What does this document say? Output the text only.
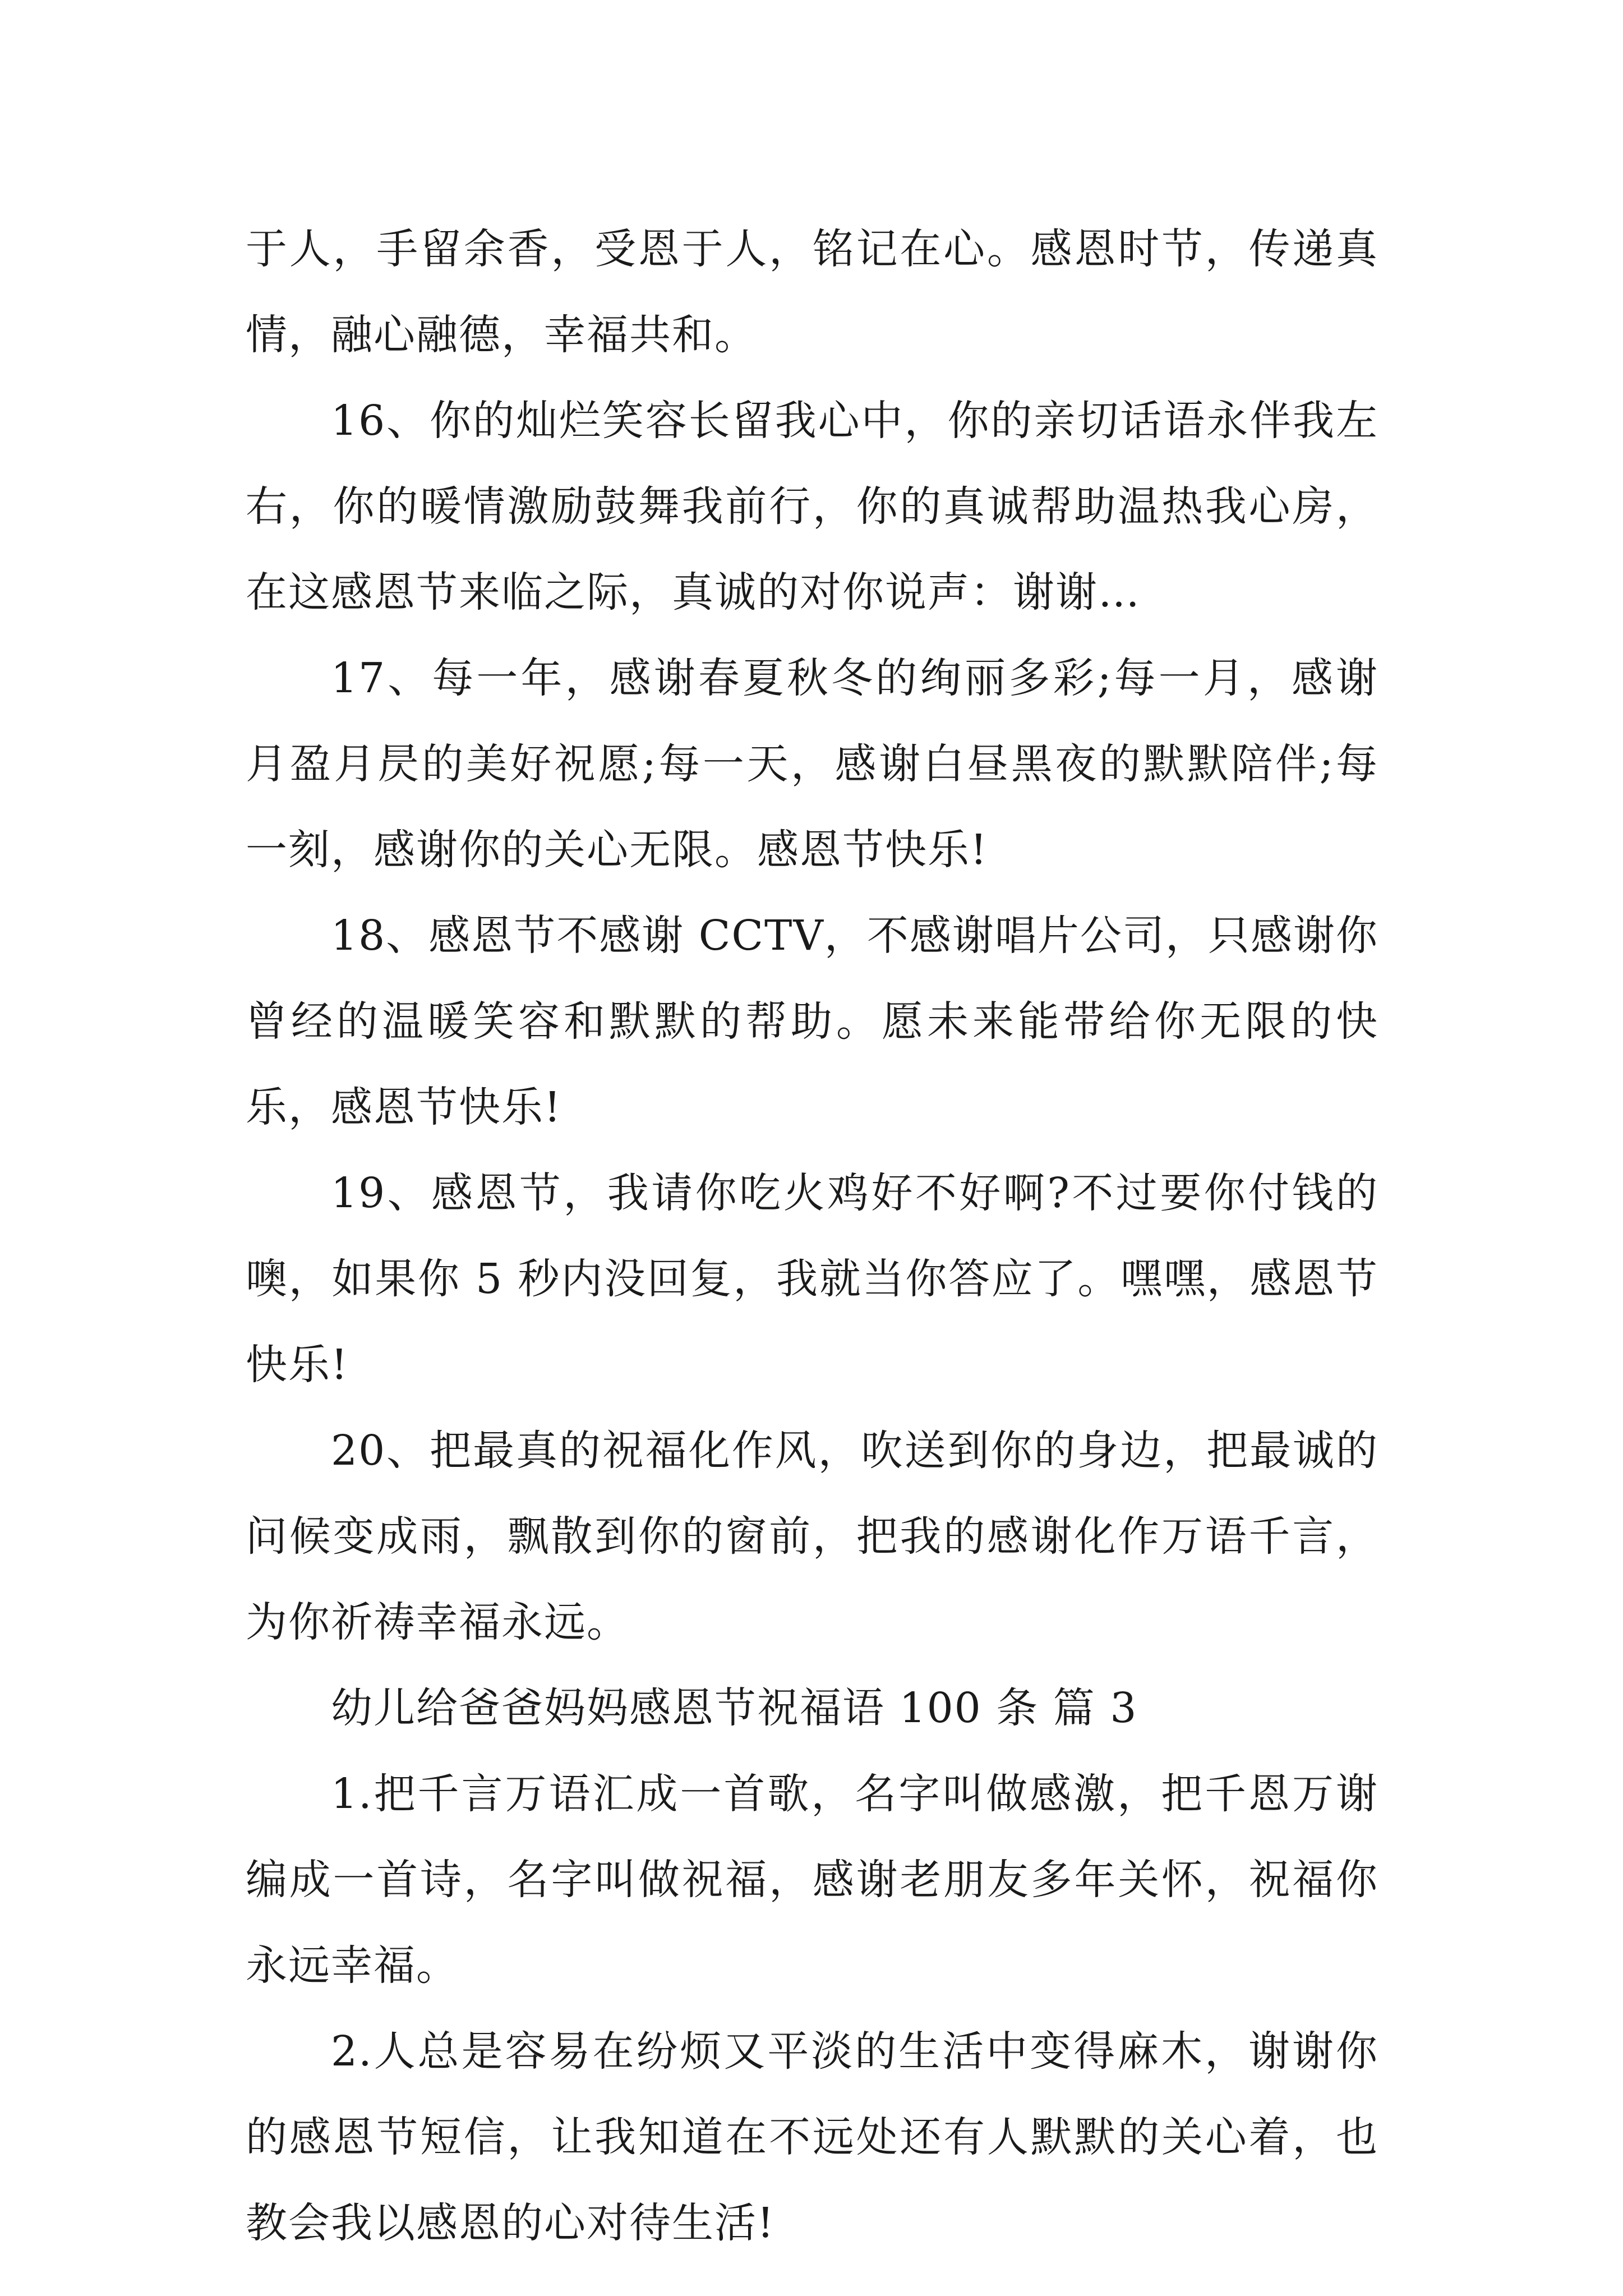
于人，手留余香，受恩于人，铭记在心。感恩时节，传递真情，融心融德，幸福共和。

16、你的灿烂笑容长留我心中，你的亲切话语永伴我左右，你的暖情激励鼓舞我前行，你的真诚帮助温热我心房，在这感恩节来临之际，真诚的对你说声：谢谢…

17、每一年，感谢春夏秋冬的绚丽多彩;每一月，感谢月盈月昃的美好祝愿;每一天，感谢白昼黑夜的默默陪伴;每一刻，感谢你的关心无限。感恩节快乐!

18、感恩节不感谢 CCTV，不感谢唱片公司，只感谢你曾经的温暖笑容和默默的帮助。愿未来能带给你无限的快乐，感恩节快乐!

19、感恩节，我请你吃火鸡好不好啊?不过要你付钱的噢，如果你 5 秒内没回复，我就当你答应了。嘿嘿，感恩节快乐!

20、把最真的祝福化作风，吹送到你的身边，把最诚的问候变成雨，飘散到你的窗前，把我的感谢化作万语千言，为你祈祷幸福永远。

幼儿给爸爸妈妈感恩节祝福语 100 条 篇 3

1.把千言万语汇成一首歌，名字叫做感激，把千恩万谢编成一首诗，名字叫做祝福，感谢老朋友多年关怀，祝福你永远幸福。

2.人总是容易在纷烦又平淡的生活中变得麻木，谢谢你的感恩节短信，让我知道在不远处还有人默默的关心着，也教会我以感恩的心对待生活!
